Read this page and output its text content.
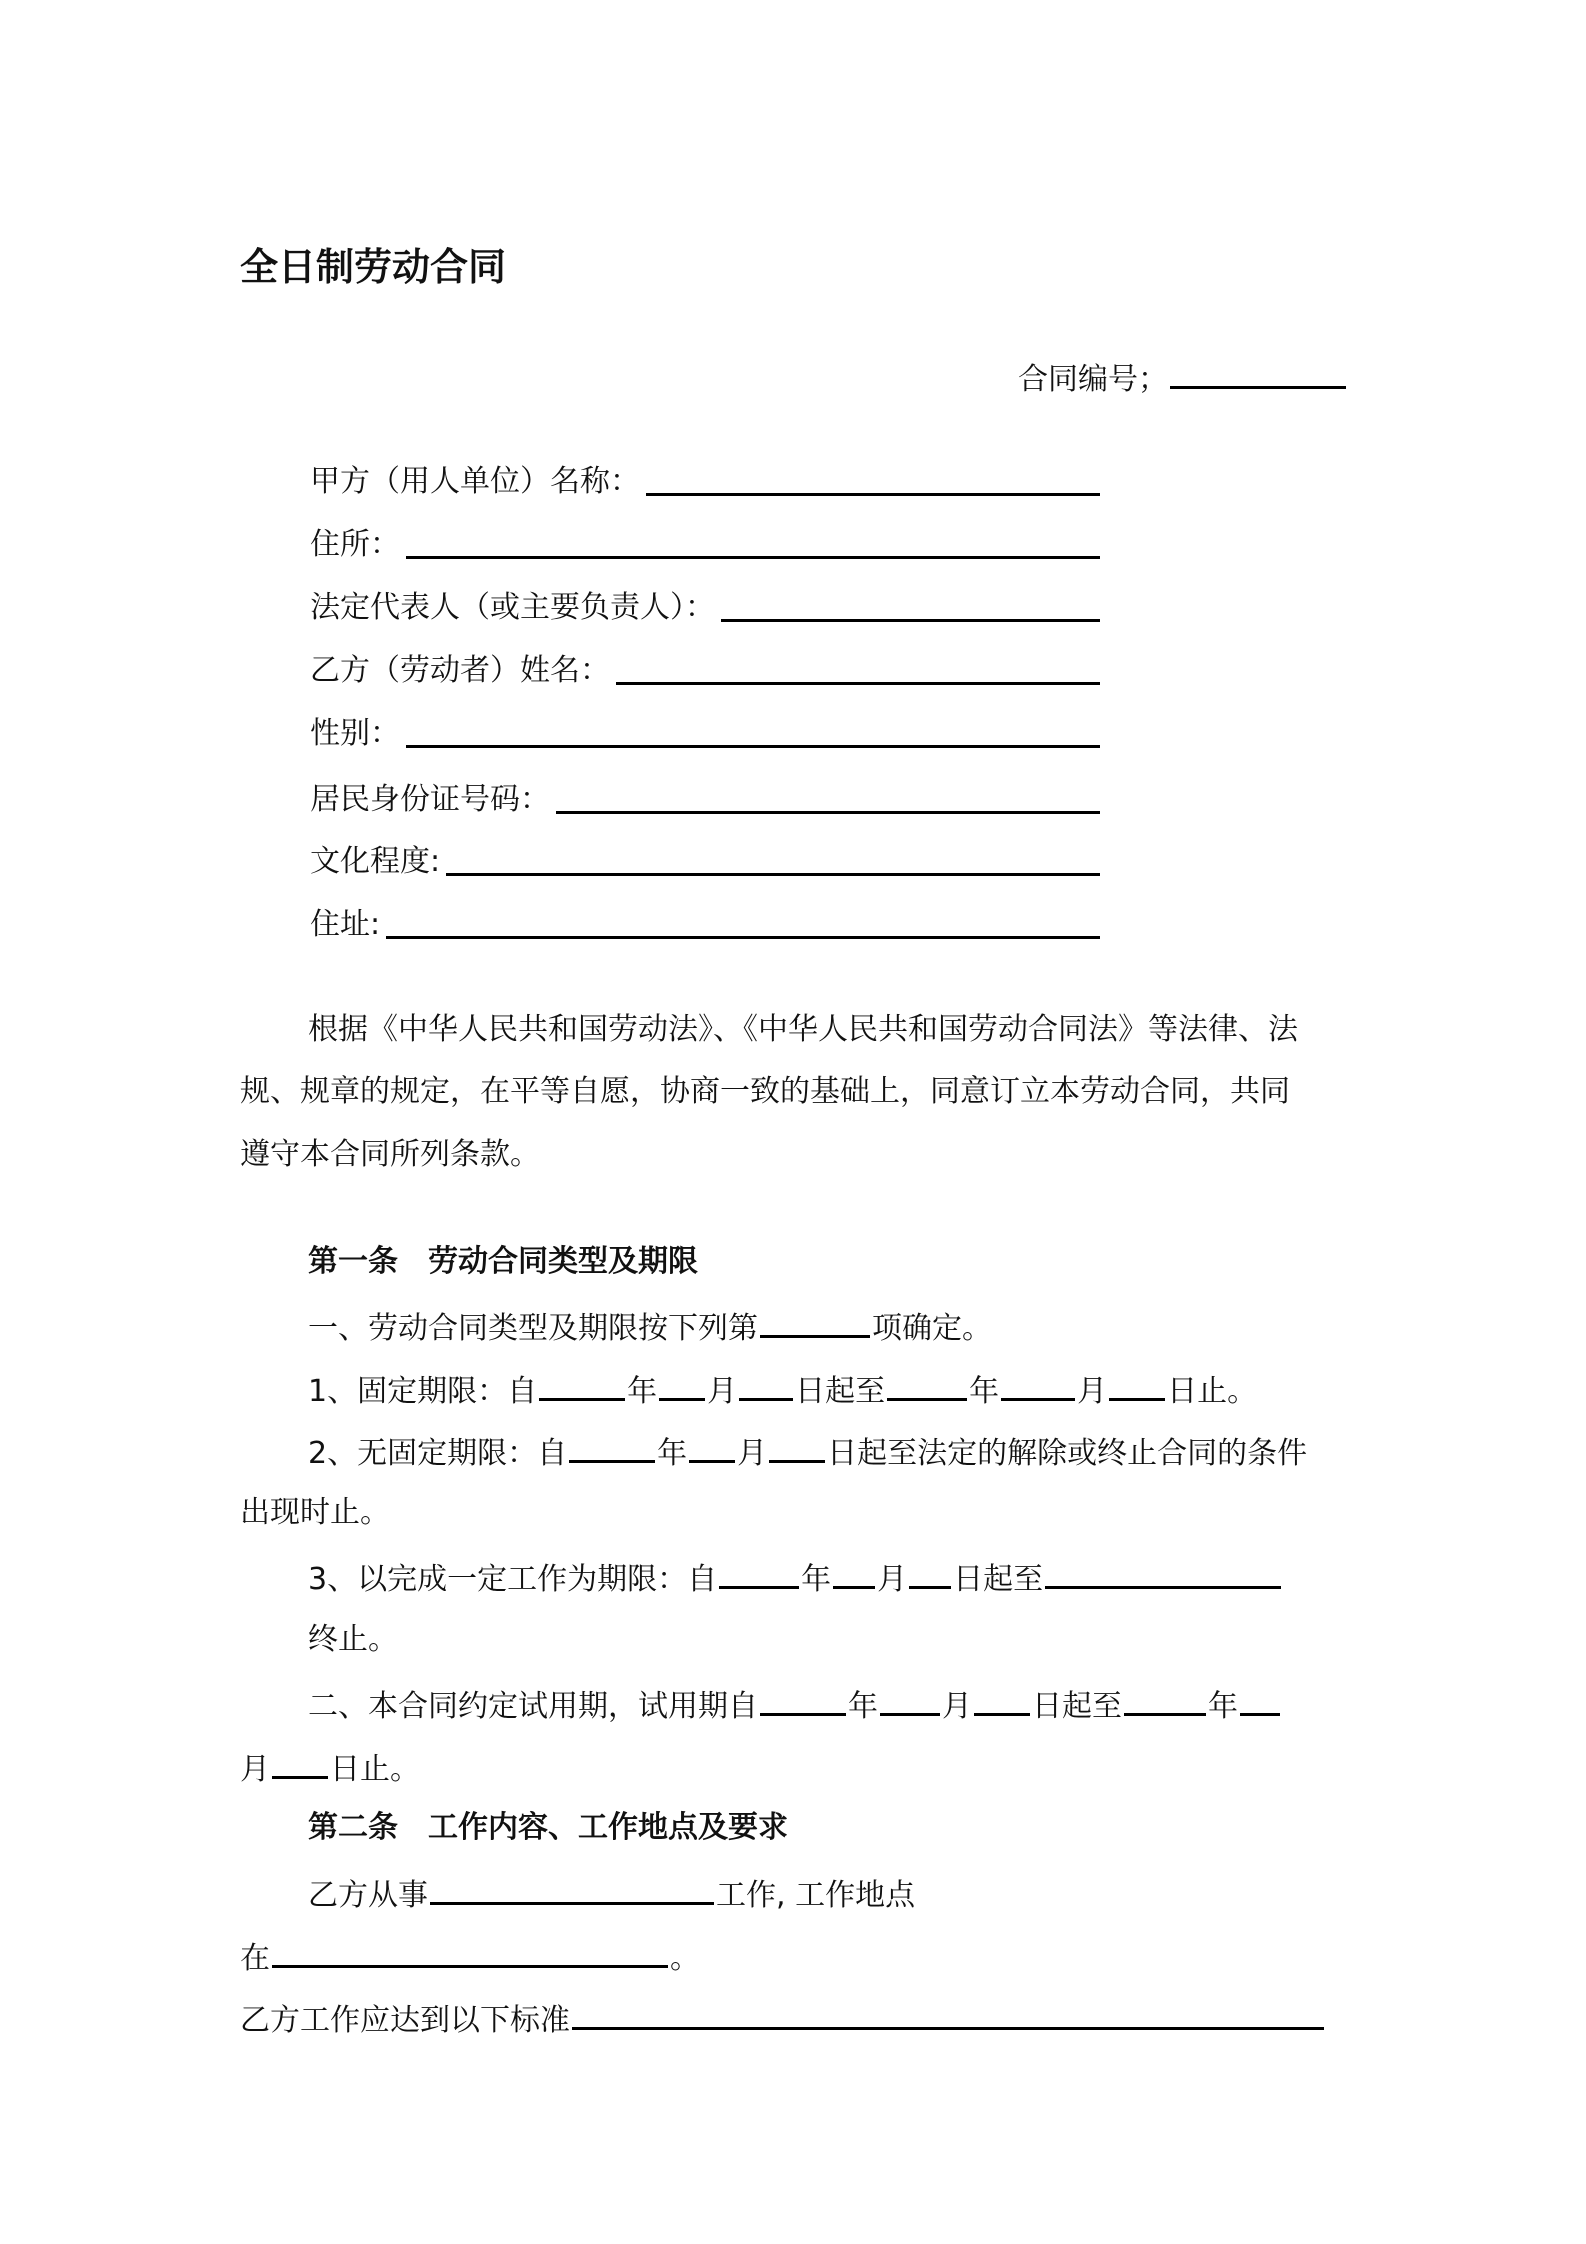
全日制劳动合同
合同编号；
甲方（用人单位）名称：
住所：
法定代表人（或主要负责人）：
乙方（劳动者）姓名：
性别：
居民身份证号码：
文化程度:
住址:
根据《中华人民共和国劳动法》、《中华人民共和国劳动合同法》等法律、法
规、规章的规定，在平等自愿，协商一致的基础上，同意订立本劳动合同，共同
遵守本合同所列条款。
第一条　劳动合同类型及期限
一、劳动合同类型及期限按下列第	项确定。
1、固定期限：自	年 月 日起至	年	月 日止。
2、无固定期限：自	年 月 日起至法定的解除或终止合同的条件
出现时止。
3、以完成一定工作为期限：自	年 月 日起至
终止。
二、本合同约定试用期，试用期自	年 月 日起至	年
月 日止。
第二条　工作内容、工作地点及要求
乙方从事	工作, 工作地点
在	。
乙方工作应达到以下标准
